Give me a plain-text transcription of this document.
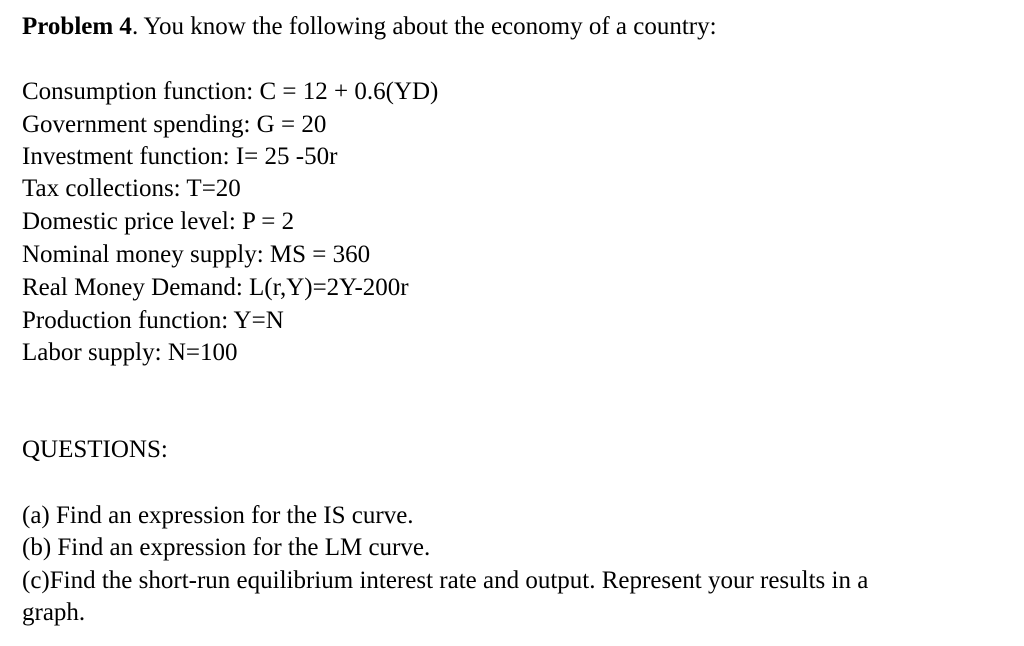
Problem 4. You know the following about the economy of a country:
Consumption function: C = 12 + 0.6(YD)
Government spending: G = 20
Investment function: I= 25 -50r
Tax collections: T=20
Domestic price level: P = 2
Nominal money supply: MS = 360
Real Money Demand: L(r,Y)=2Y-200r
Production function: Y=N
Labor supply: N=100
QUESTIONS:
(a) Find an expression for the IS curve.
(b) Find an expression for the LM curve.
(c)Find the short-run equilibrium interest rate and output. Represent your results in a
graph.
